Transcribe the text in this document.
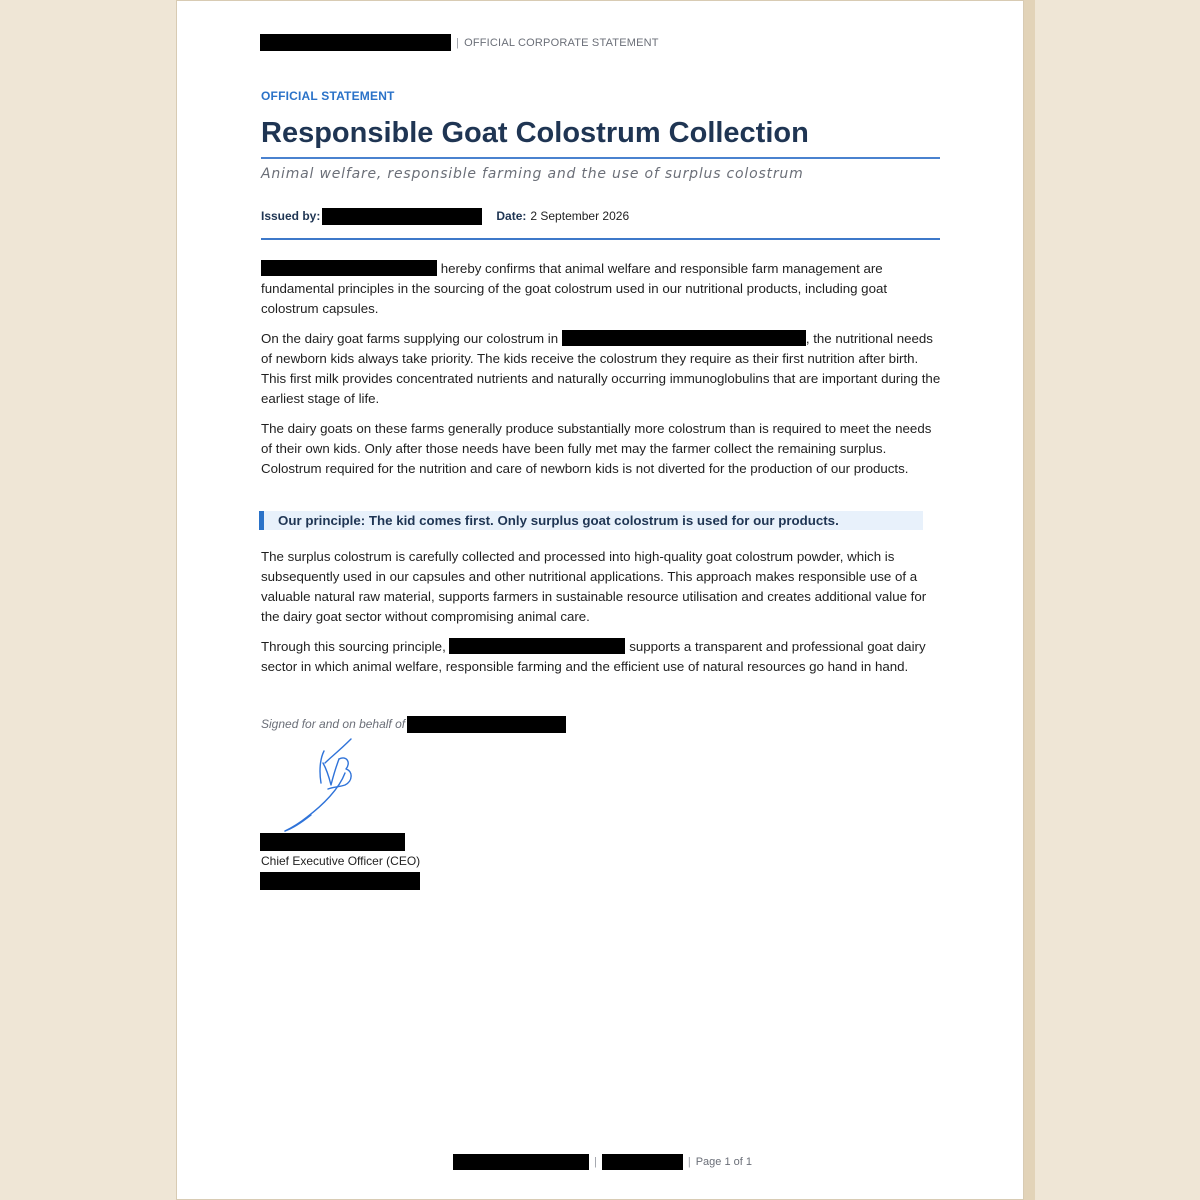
| OFFICIAL CORPORATE STATEMENT
OFFICIAL STATEMENT
Responsible Goat Colostrum Collection
Animal welfare, responsible farming and the use of surplus colostrum
Issued by:	Date: 2 September 2026

hereby confirms that animal welfare and responsible farm management are fundamental principles in the sourcing of the goat colostrum used in our nutritional products, including goat colostrum capsules.

On the dairy goat farms supplying our colostrum in	, the nutritional needs of newborn kids always take priority. The kids receive the colostrum they require as their first nutrition after birth. This first milk provides concentrated nutrients and naturally occurring immunoglobulins that are important during the earliest stage of life.

The dairy goats on these farms generally produce substantially more colostrum than is required to meet the needs of their own kids. Only after those needs have been fully met may the farmer collect the remaining surplus. Colostrum required for the nutrition and care of newborn kids is not diverted for the production of our products.

Our principle: The kid comes first. Only surplus goat colostrum is used for our products.

The surplus colostrum is carefully collected and processed into high-quality goat colostrum powder, which is subsequently used in our capsules and other nutritional applications. This approach makes responsible use of a valuable natural raw material, supports farmers in sustainable resource utilisation and creates additional value for the dairy goat sector without compromising animal care.

Through this sourcing principle,	supports a transparent and professional goat dairy sector in which animal welfare, responsible farming and the efficient use of natural resources go hand in hand.

Signed for and on behalf of
Chief Executive Officer (CEO)
|	| Page 1 of 1
